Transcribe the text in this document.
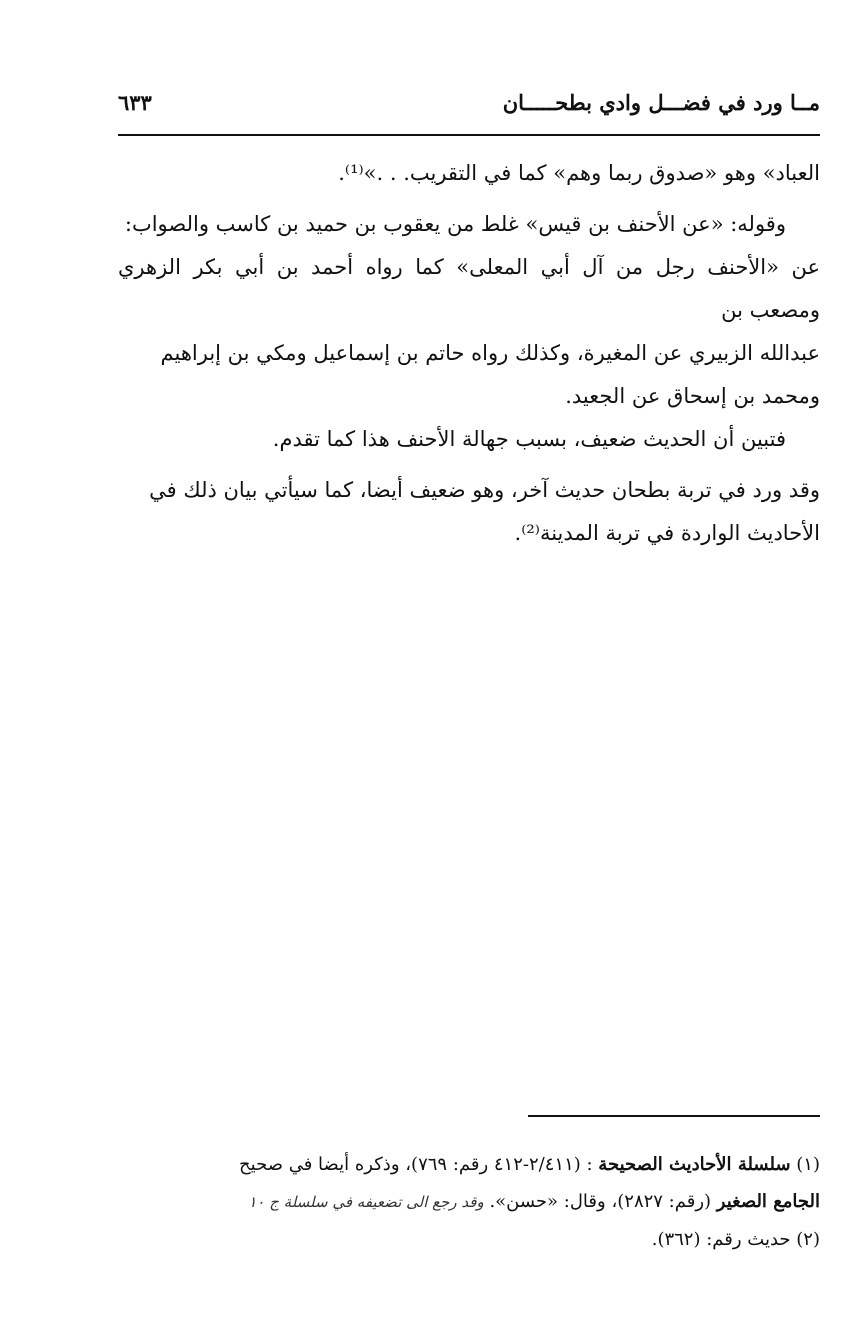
مــا ورد في فضـــل وادي بطحـــــان
٦٣٣

العباد» وهو «صدوق ربما وهم» كما في التقريب. . .»⁽¹⁾.

وقوله: «عن الأحنف بن قيس» غلط من يعقوب بن حميد بن كاسب والصواب:

عن «الأحنف رجل من آل أبي المعلى» كما رواه أحمد بن أبي بكر الزهري ومصعب بن

عبدالله الزبيري عن المغيرة، وكذلك رواه حاتم بن إسماعيل ومكي بن إبراهيم

ومحمد بن إسحاق عن الجعيد.

فتبين أن الحديث ضعيف، بسبب جهالة الأحنف هذا كما تقدم.

وقد ورد في تربة بطحان حديث آخر، وهو ضعيف أيضا، كما سيأتي بيان ذلك في

الأحاديث الواردة في تربة المدينة⁽²⁾.

(١) سلسلة الأحاديث الصحيحة : (٢/٤١١-٤١٢ رقم: ٧٦٩)، وذكره أيضا في صحيح

الجامع الصغير (رقم: ٢٨٢٧)، وقال: «حسن». وقد رجع الى تضعيفه في سلسلة ج ١٠

(٢) حديث رقم: (٣٦٢).
